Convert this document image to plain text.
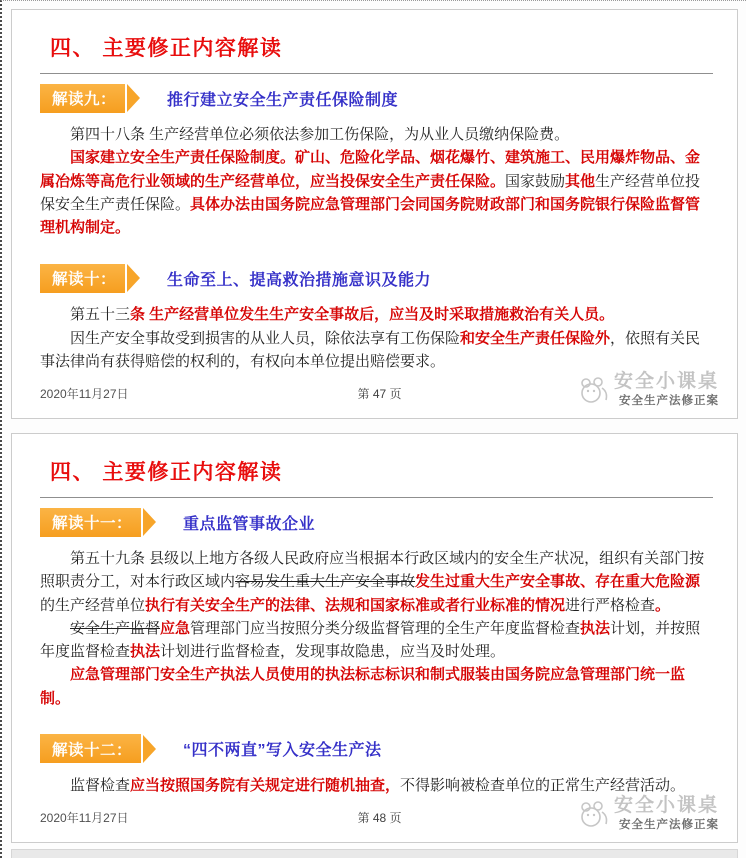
四、 主要修正内容解读
解读九：	推行建立安全生产责任保险制度

第四十八条 生产经营单位必须依法参加工伤保险，为从业人员缴纳保险费。

国家建立安全生产责任保险制度。矿山、危险化学品、烟花爆竹、建筑施工、民用爆炸物品、金属冶炼等高危行业领域的生产经营单位，应当投保安全生产责任保险。国家鼓励其他生产经营单位投保安全生产责任保险。具体办法由国务院应急管理部门会同国务院财政部门和国务院银行保险监督管理机构制定。

解读十：	生命至上、提高救治措施意识及能力

第五十三条 生产经营单位发生生产安全事故后，应当及时采取措施救治有关人员。

因生产安全事故受到损害的从业人员，除依法享有工伤保险和安全生产责任保险外，依照有关民事法律尚有获得赔偿的权利的，有权向本单位提出赔偿要求。

2020年11月27日	第 47 页
安全小课桌
安全生产法修正案
四、 主要修正内容解读
解读十一：	重点监管事故企业

第五十九条 县级以上地方各级人民政府应当根据本行政区域内的安全生产状况，组织有关部门按照职责分工，对本行政区域内容易发生重大生产安全事故发生过重大生产安全事故、存在重大危险源的生产经营单位执行有关安全生产的法律、法规和国家标准或者行业标准的情况进行严格检查。

安全生产监督应急管理部门应当按照分类分级监督管理的全生产年度监督检查执法计划，并按照年度监督检查执法计划进行监督检查，发现事故隐患，应当及时处理。

应急管理部门安全生产执法人员使用的执法标志标识和制式服装由国务院应急管理部门统一监制。

解读十二：	“四不两直”写入安全生产法

监督检查应当按照国务院有关规定进行随机抽查，不得影响被检查单位的正常生产经营活动。

2020年11月27日	第 48 页
安全小课桌
安全生产法修正案
